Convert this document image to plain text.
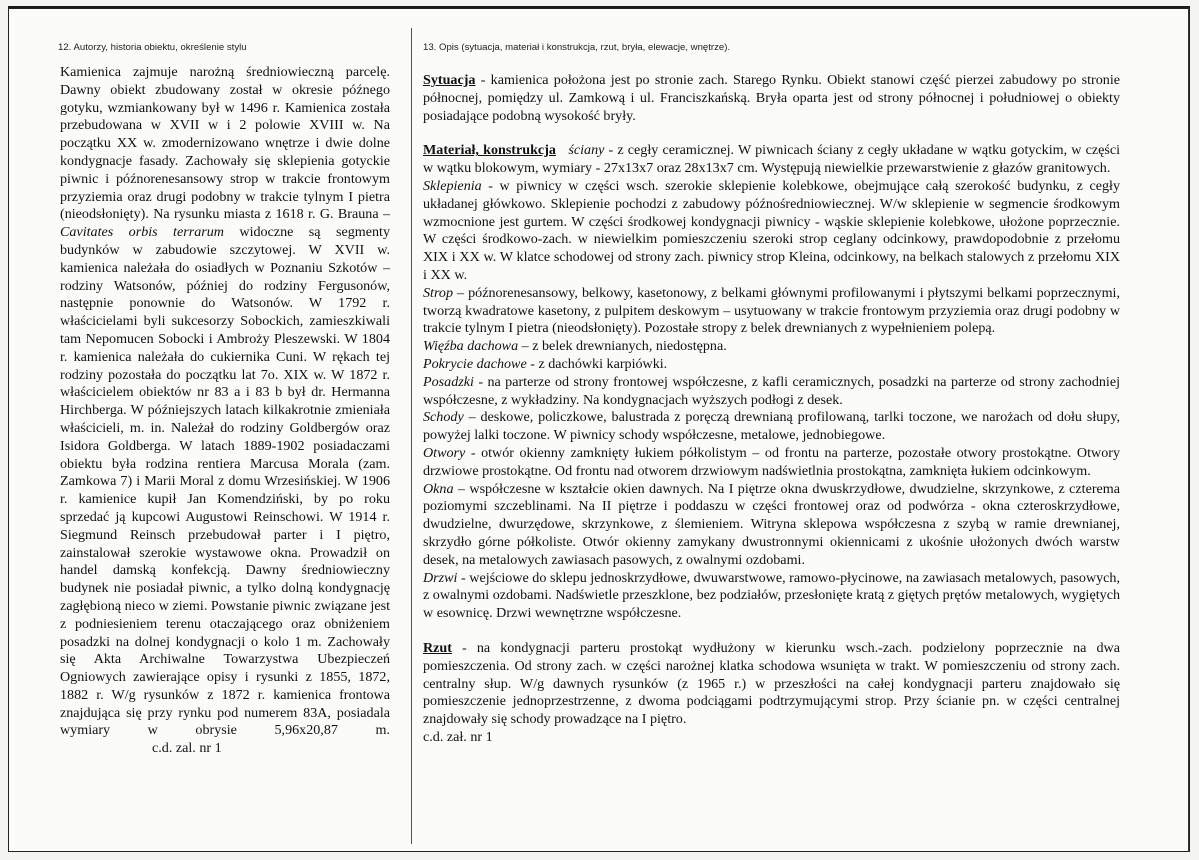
12. Autorzy, historia obiektu, określenie stylu	13. Opis (sytuacja, materiał i konstrukcja, rzut, bryła, elewacje, wnętrze).

Kamienica zajmuje narożną średniowieczną parcelę. Dawny obiekt zbudowany został w okresie późnego gotyku, wzmiankowany był w 1496 r. Kamienica została przebudowana w XVII w i 2 polowie XVIII w. Na początku XX w. zmodernizowano wnętrze i dwie dolne kondygnacje fasady. Zachowały się sklepienia gotyckie piwnic i późnorenesansowy strop w trakcie frontowym przyziemia oraz drugi podobny w trakcie tylnym I pietra (nieodsłonięty). Na rysunku miasta z 1618 r. G. Brauna – Cavitates orbis terrarum widoczne są segmenty budynków w zabudowie szczytowej. W XVII w. kamienica należała do osiadłych w Poznaniu Szkotów – rodziny Watsonów, później do rodziny Fergusonów, następnie ponownie do Watsonów. W 1792 r. właścicielami byli sukcesorzy Sobockich, zamieszkiwali tam Nepomucen Sobocki i Ambroży Pleszewski. W 1804 r. kamienica należała do cukiernika Cuni. W rękach tej rodziny pozostała do początku lat 7o. XIX w. W 1872 r. właścicielem obiektów nr 83 a i 83 b był dr. Hermanna Hirchberga. W późniejszych latach kilkakrotnie zmieniała właścicieli, m. in. Należał do rodziny Goldbergów oraz Isidora Goldberga. W latach 1889-1902 posiadaczami obiektu była rodzina rentiera Marcusa Morala (zam. Zamkowa 7) i Marii Moral z domu Wrzesińskiej. W 1906 r. kamienice kupił Jan Komendziński, by po roku sprzedać ją kupcowi Augustowi Reinschowi. W 1914 r. Siegmund Reinsch przebudował parter i I piętro, zainstalował szerokie wystawowe okna. Prowadził on handel damską konfekcją. Dawny średniowieczny budynek nie posiadał piwnic, a tylko dolną kondygnację zagłębioną nieco w ziemi. Powstanie piwnic związane jest z podniesieniem terenu otaczającego oraz obniżeniem posadzki na dolnej kondygnacji o kolo 1 m. Zachowały się Akta Archiwalne Towarzystwa Ubezpieczeń Ogniowych zawierające opisy i rysunki z 1855, 1872, 1882 r. W/g rysunków z 1872 r. kamienica frontowa znajdująca się przy rynku pod numerem 83A, posiadala wymiary w obrysie 5,96x20,87 m.c.d. zal. nr 1

Sytuacja - kamienica położona jest po stronie zach. Starego Rynku. Obiekt stanowi część pierzei zabudowy po stronie północnej, pomiędzy ul. Zamkową i ul. Franciszkańską. Bryła oparta jest od strony północnej i południowej o obiekty posiadające podobną wysokość bryły.

Materiał, konstrukcja ściany - z cegły ceramicznej. W piwnicach ściany z cegły układane w wątku gotyckim, w części w wątku blokowym, wymiary - 27x13x7 oraz 28x13x7 cm. Występują niewielkie przewarstwienie z głazów granitowych.

Sklepienia - w piwnicy w części wsch. szerokie sklepienie kolebkowe, obejmujące całą szerokość budynku, z cegły układanej główkowo. Sklepienie pochodzi z zabudowy późnośredniowiecznej. W/w sklepienie w segmencie środkowym wzmocnione jest gurtem. W części środkowej kondygnacji piwnicy - wąskie sklepienie kolebkowe, ułożone poprzecznie. W części środkowo-zach. w niewielkim pomieszczeniu szeroki strop ceglany odcinkowy, prawdopodobnie z przełomu XIX i XX w. W klatce schodowej od strony zach. piwnicy strop Kleina, odcinkowy, na belkach stalowych z przełomu XIX i XX w.

Strop – późnorenesansowy, belkowy, kasetonowy, z belkami głównymi profilowanymi i płytszymi belkami poprzecznymi, tworzą kwadratowe kasetony, z pulpitem deskowym – usytuowany w trakcie frontowym przyziemia oraz drugi podobny w trakcie tylnym I pietra (nieodsłonięty). Pozostałe stropy z belek drewnianych z wypełnieniem polepą.

Więźba dachowa – z belek drewnianych, niedostępna.

Pokrycie dachowe - z dachówki karpiówki.

Posadzki - na parterze od strony frontowej współczesne, z kafli ceramicznych, posadzki na parterze od strony zachodniej współczesne, z wykładziny. Na kondygnacjach wyższych podłogi z desek.

Schody – deskowe, policzkowe, balustrada z poręczą drewnianą profilowaną, tarlki toczone, we narożach od dołu słupy, powyżej lalki toczone. W piwnicy schody współczesne, metalowe, jednobiegowe.

Otwory - otwór okienny zamknięty łukiem półkolistym – od frontu na parterze, pozostałe otwory prostokątne. Otwory drzwiowe prostokątne. Od frontu nad otworem drzwiowym nadświetlnia prostokątna, zamknięta łukiem odcinkowym.

Okna – współczesne w kształcie okien dawnych. Na I piętrze okna dwuskrzydłowe, dwudzielne, skrzynkowe, z czterema poziomymi szczeblinami. Na II piętrze i poddaszu w części frontowej oraz od podwórza - okna czteroskrzydłowe, dwudzielne, dwurzędowe, skrzynkowe, z ślemieniem. Witryna sklepowa współczesna z szybą w ramie drewnianej, skrzydło górne półkoliste. Otwór okienny zamykany dwustronnymi okiennicami z ukośnie ułożonych dwóch warstw desek, na metalowych zawiasach pasowych, z owalnymi ozdobami.

Drzwi - wejściowe do sklepu jednoskrzydłowe, dwuwarstwowe, ramowo-płycinowe, na zawiasach metalowych, pasowych, z owalnymi ozdobami. Nadświetle przeszklone, bez podziałów, przesłonięte kratą z giętych prętów metalowych, wygiętych w esownicę. Drzwi wewnętrzne współczesne.

Rzut - na kondygnacji parteru prostokąt wydłużony w kierunku wsch.-zach. podzielony poprzecznie na dwa pomieszczenia. Od strony zach. w części narożnej klatka schodowa wsunięta w trakt. W pomieszczeniu od strony zach. centralny słup. W/g dawnych rysunków (z 1965 r.) w przeszłości na całej kondygnacji parteru znajdowało się pomieszczenie jednoprzestrzenne, z dwoma podciągami podtrzymującymi strop. Przy ścianie pn. w części centralnej znajdowały się schody prowadzące na I piętro.

c.d. zał. nr 1
